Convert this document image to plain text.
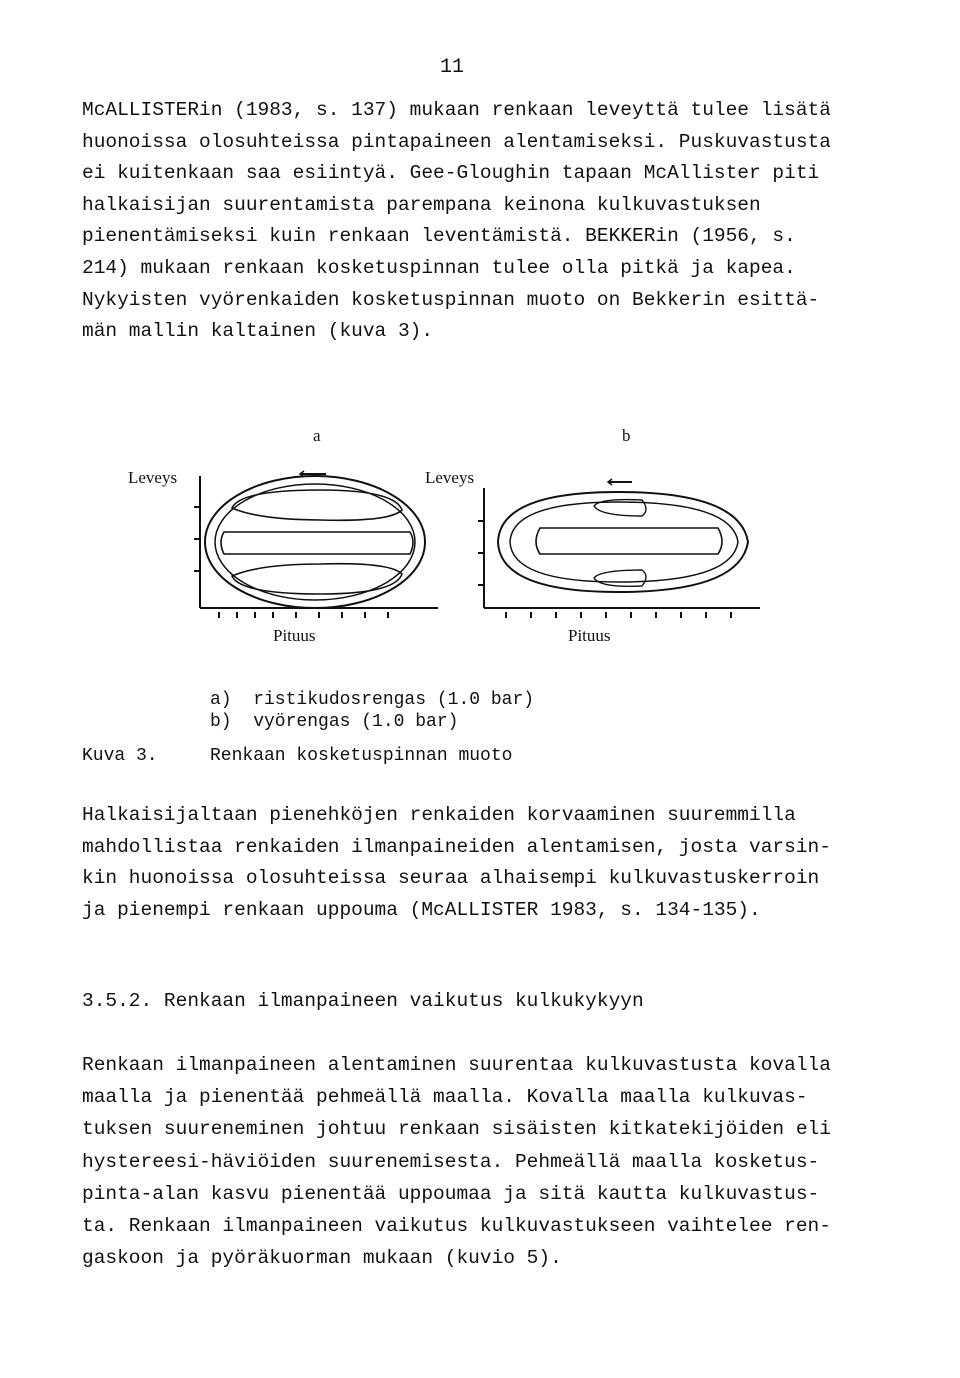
11
McALLISTERin (1983, s. 137) mukaan renkaan leveyttä tulee lisätä
huonoissa olosuhteissa pintapaineen alentamiseksi. Puskuvastusta
ei kuitenkaan saa esiintyä. Gee-Gloughin tapaan McAllister piti
halkaisijan suurentamista parempana keinona kulkuvastuksen
pienentämiseksi kuin renkaan leventämistä. BEKKERin (1956, s.
214) mukaan renkaan kosketuspinnan tulee olla pitkä ja kapea.
Nykyisten vyörenkaiden kosketuspinnan muoto on Bekkerin esittä-
män mallin kaltainen (kuva 3).
a	b
Leveys	Leveys
Pituus	Pituus
a)  ristikudosrengas (1.0 bar)
b)  vyörengas (1.0 bar)
Kuva 3.	Renkaan kosketuspinnan muoto
Halkaisijaltaan pienehköjen renkaiden korvaaminen suuremmilla
mahdollistaa renkaiden ilmanpaineiden alentamisen, josta varsin-
kin huonoissa olosuhteissa seuraa alhaisempi kulkuvastuskerroin
ja pienempi renkaan uppouma (McALLISTER 1983, s. 134-135).
3.5.2. Renkaan ilmanpaineen vaikutus kulkukykyyn
Renkaan ilmanpaineen alentaminen suurentaa kulkuvastusta kovalla
maalla ja pienentää pehmeällä maalla. Kovalla maalla kulkuvas-
tuksen suureneminen johtuu renkaan sisäisten kitkatekijöiden eli
hystereesi-häviöiden suurenemisesta. Pehmeällä maalla kosketus-
pinta-alan kasvu pienentää uppoumaa ja sitä kautta kulkuvastus-
ta. Renkaan ilmanpaineen vaikutus kulkuvastukseen vaihtelee ren-
gaskoon ja pyöräkuorman mukaan (kuvio 5).
